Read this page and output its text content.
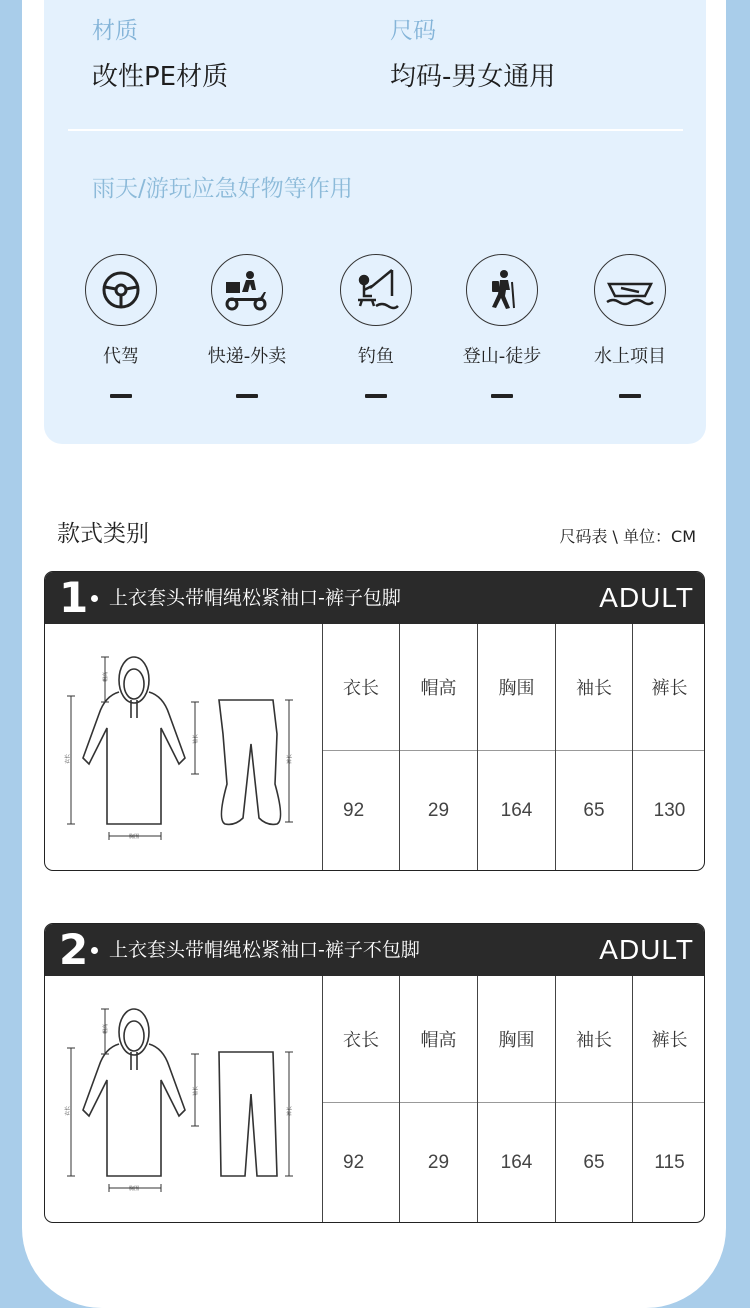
材质
改性PE材质
尺码
均码-男女通用
雨天/游玩应急好物等作用
代驾	快递-外卖	钓鱼	登山-徒步	水上项目
款式类别	尺码表 \ 单位：CM
1 上衣套头带帽绳松紧袖口-裤子包脚	ADULT
衣长
帽高
胸围
袖长
裤长
衣长	帽高	胸围	袖长	裤长
92	29	164	65	130
2 上衣套头带帽绳松紧袖口-裤子不包脚	ADULT
衣长
帽高
胸围
袖长
裤长
衣长	帽高	胸围	袖长	裤长
92	29	164	65	115
